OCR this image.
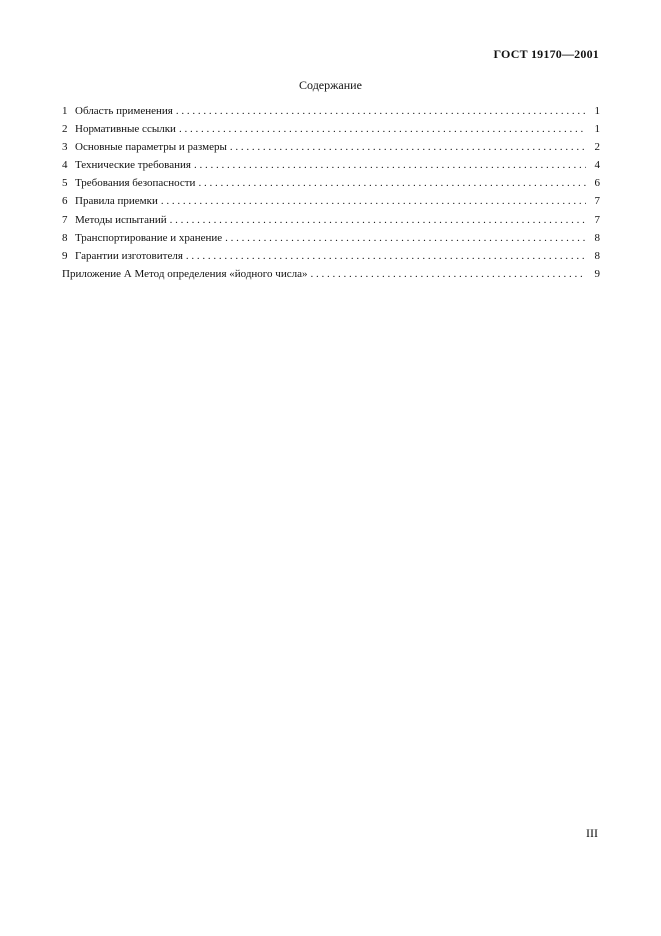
ГОСТ 19170—2001
Содержание
1 Область применения . . .	1
2 Нормативные ссылки . . .	1
3 Основные параметры и размеры . . .	2
4 Технические требования . . .	4
5 Требования безопасности . . .	6
6 Правила приемки . . .	7
7 Методы испытаний . . .	7
8 Транспортирование и хранение . . .	8
9 Гарантии изготовителя . . .	8
Приложение А Метод определения «йодного числа» . . .	9
III
